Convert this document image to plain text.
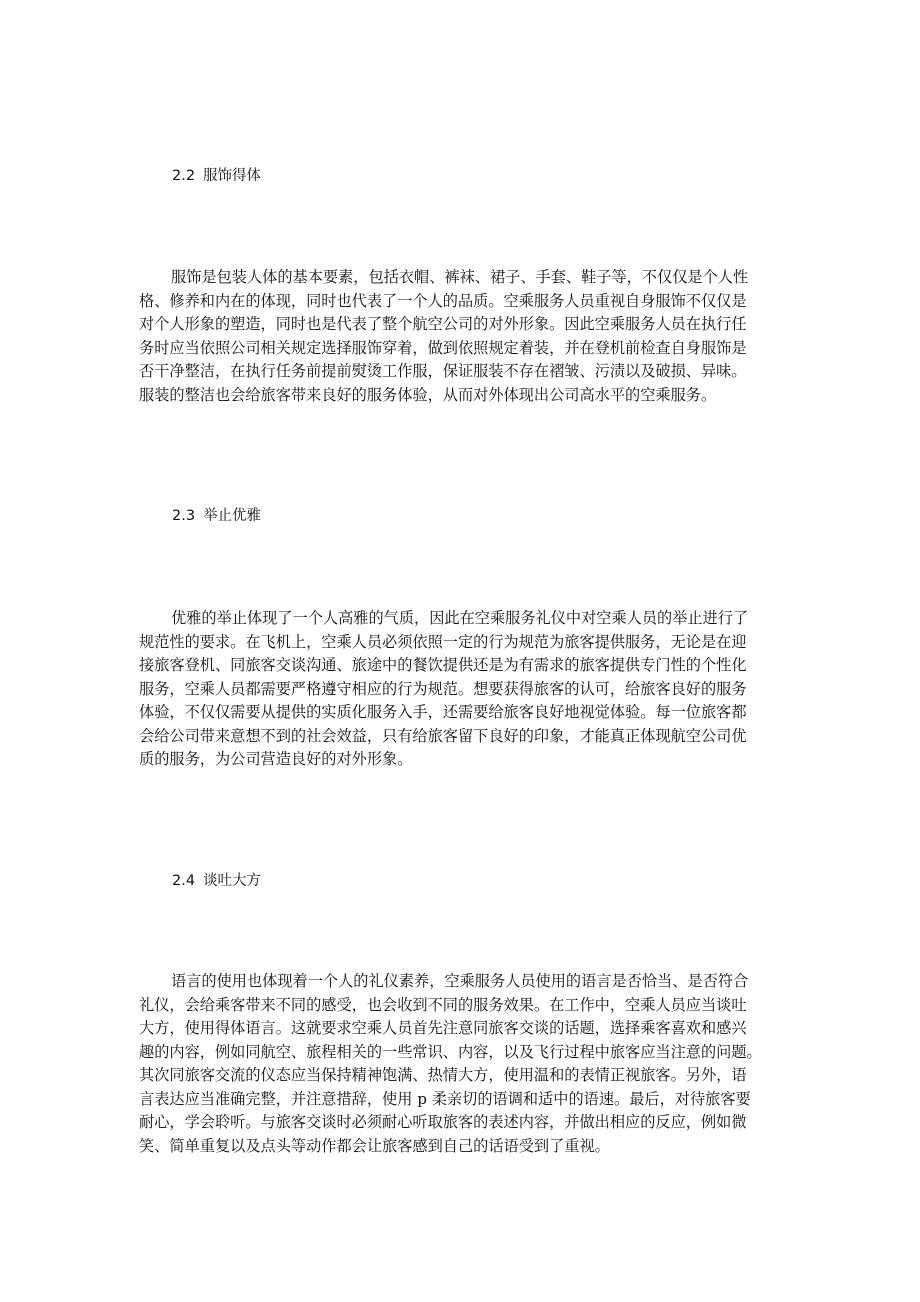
2.2 服饰得体
服饰是包装人体的基本要素，包括衣帽、裤袜、裙子、手套、鞋子等，不仅仅是个人性
格、修养和内在的体现，同时也代表了一个人的品质。空乘服务人员重视自身服饰不仅仅是
对个人形象的塑造，同时也是代表了整个航空公司的对外形象。因此空乘服务人员在执行任
务时应当依照公司相关规定选择服饰穿着，做到依照规定着装，并在登机前检查自身服饰是
否干净整洁，在执行任务前提前熨烫工作服，保证服装不存在褶皱、污渍以及破损、异味。
服装的整洁也会给旅客带来良好的服务体验，从而对外体现出公司高水平的空乘服务。
2.3 举止优雅
优雅的举止体现了一个人高雅的气质，因此在空乘服务礼仪中对空乘人员的举止进行了
规范性的要求。在飞机上，空乘人员必须依照一定的行为规范为旅客提供服务，无论是在迎
接旅客登机、同旅客交谈沟通、旅途中的餐饮提供还是为有需求的旅客提供专门性的个性化
服务，空乘人员都需要严格遵守相应的行为规范。想要获得旅客的认可，给旅客良好的服务
体验，不仅仅需要从提供的实质化服务入手，还需要给旅客良好地视觉体验。每一位旅客都
会给公司带来意想不到的社会效益，只有给旅客留下良好的印象，才能真正体现航空公司优
质的服务，为公司营造良好的对外形象。
2.4 谈吐大方
语言的使用也体现着一个人的礼仪素养，空乘服务人员使用的语言是否恰当、是否符合
礼仪，会给乘客带来不同的感受，也会收到不同的服务效果。在工作中，空乘人员应当谈吐
大方，使用得体语言。这就要求空乘人员首先注意同旅客交谈的话题，选择乘客喜欢和感兴
趣的内容，例如同航空、旅程相关的一些常识、内容，以及飞行过程中旅客应当注意的问题。
其次同旅客交流的仪态应当保持精神饱满、热情大方，使用温和的表情正视旅客。另外，语
言表达应当准确完整，并注意措辞，使用 p 柔亲切的语调和适中的语速。最后，对待旅客要
耐心，学会聆听。与旅客交谈时必须耐心听取旅客的表述内容，并做出相应的反应，例如微
笑、简单重复以及点头等动作都会让旅客感到自己的话语受到了重视。
